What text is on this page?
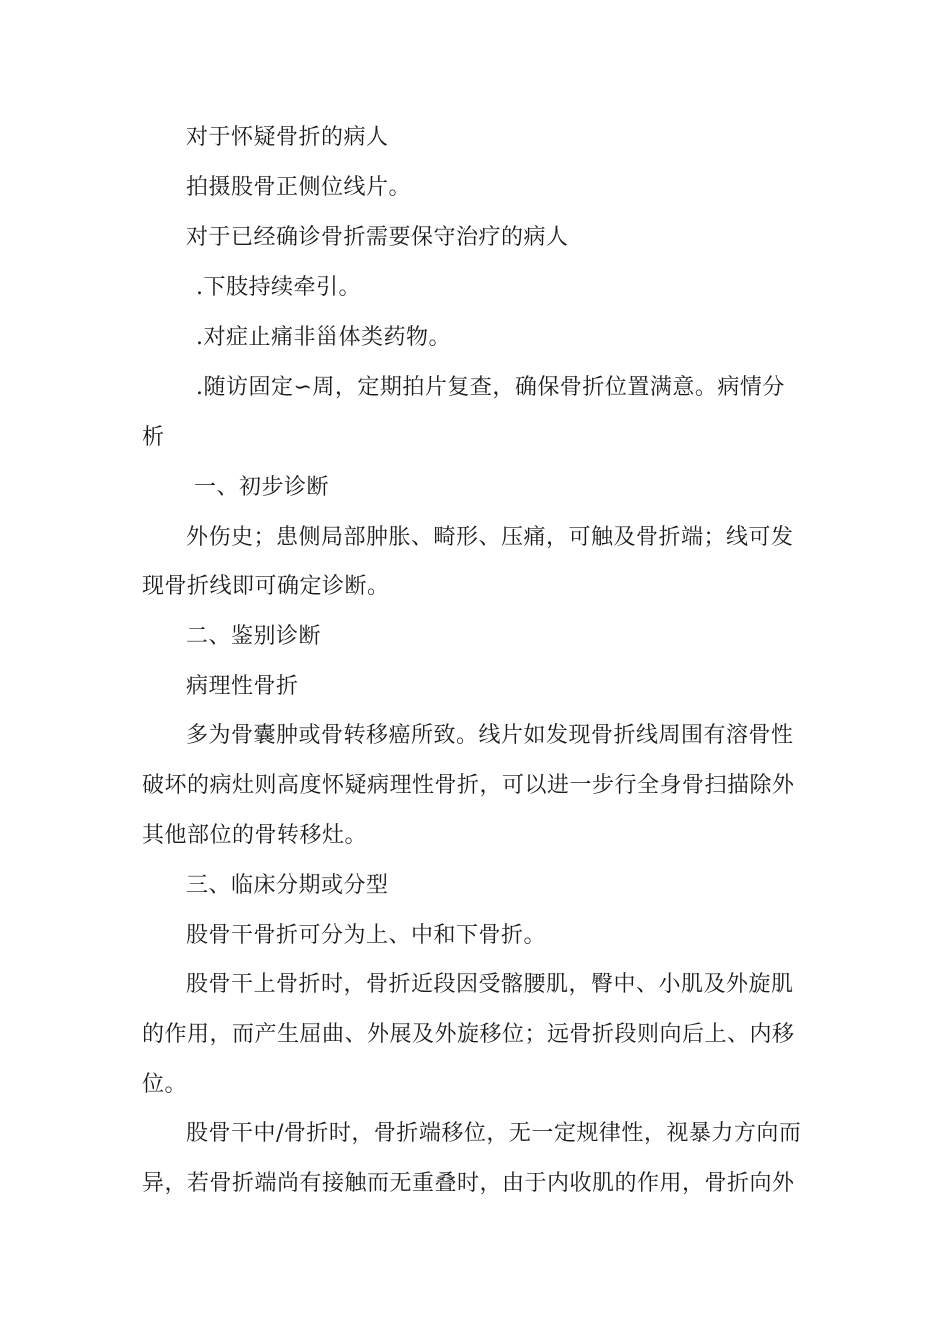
对于怀疑骨折的病人

拍摄股骨正侧位线片。

对于已经确诊骨折需要保守治疗的病人

.下肢持续牵引。

.对症止痛非甾体类药物。

.随访固定∽周，定期拍片复查，确保骨折位置满意。病情分

析

一、初步诊断

外伤史；患侧局部肿胀、畸形、压痛，可触及骨折端；线可发

现骨折线即可确定诊断。

二、鉴别诊断

病理性骨折

多为骨囊肿或骨转移癌所致。线片如发现骨折线周围有溶骨性

破坏的病灶则高度怀疑病理性骨折，可以进一步行全身骨扫描除外

其他部位的骨转移灶。

三、临床分期或分型

股骨干骨折可分为上、中和下骨折。

股骨干上骨折时，骨折近段因受髂腰肌，臀中、小肌及外旋肌

的作用，而产生屈曲、外展及外旋移位；远骨折段则向后上、内移

位。

股骨干中/骨折时，骨折端移位，无一定规律性，视暴力方向而

异，若骨折端尚有接触而无重叠时，由于内收肌的作用，骨折向外
